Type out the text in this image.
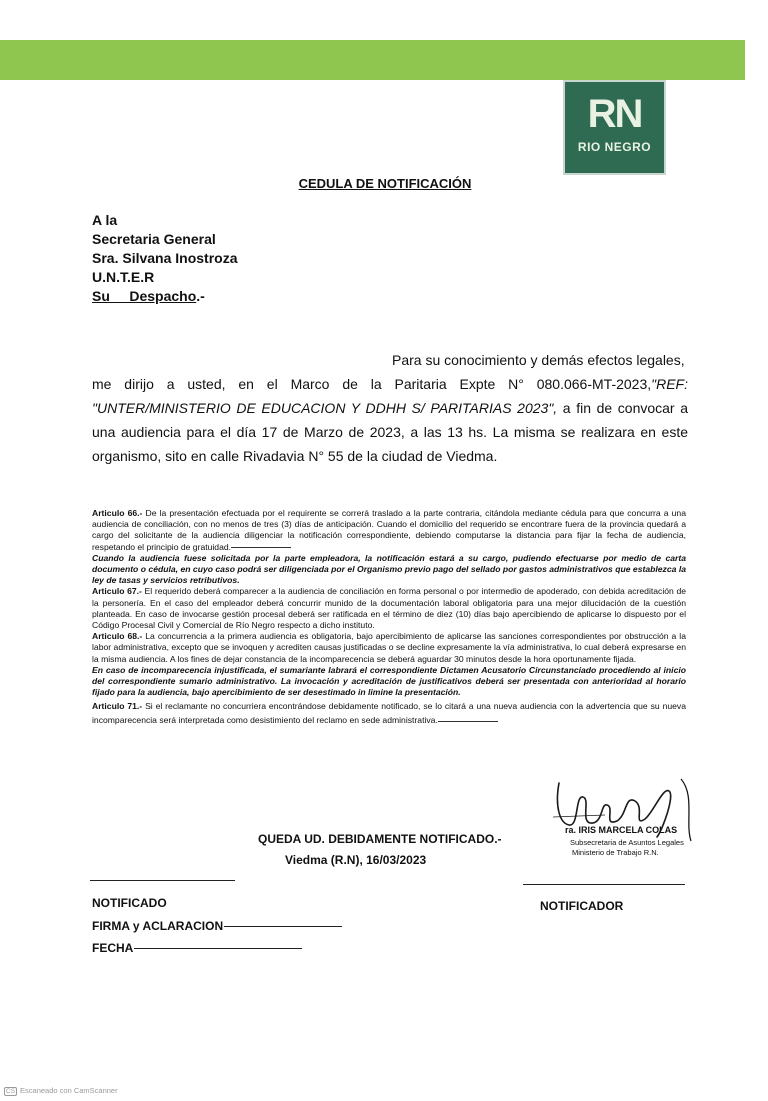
RN
RIO NEGRO
CEDULA DE NOTIFICACIÓN
A la
Secretaria General
Sra. Silvana Inostroza
U.N.T.E.R
Su     Despacho.-

Para su conocimiento y demás efectos legales,

me dirijo a usted, en el Marco de la Paritaria Expte N° 080.066-MT-2023,"REF: "UNTER/MINISTERIO DE EDUCACION Y DDHH S/ PARITARIAS 2023", a fin de convocar a una audiencia para el día 17 de Marzo de 2023, a las 13 hs. La misma se realizara en este organismo, sito en calle Rivadavia N° 55 de la ciudad de Viedma.

Articulo 66.- De la presentación efectuada por el requirente se correrá traslado a la parte contraria, citándola mediante cédula para que concurra a una audiencia de conciliación, con no menos de tres (3) días de anticipación. Cuando el domicilio del requerido se encontrare fuera de la provincia quedará a cargo del solicitante de la audiencia diligenciar la notificación correspondiente, debiendo computarse la distancia para fijar la fecha de audiencia, respetando el principio de gratuidad.

Cuando la audiencia fuese solicitada por la parte empleadora, la notificación estará a su cargo, pudiendo efectuarse por medio de carta documento o cédula, en cuyo caso podrá ser diligenciada por el Organismo previo pago del sellado por gastos administrativos que establezca la ley de tasas y servicios retributivos.

Articulo 67.- El requerido deberá comparecer a la audiencia de conciliación en forma personal o por intermedio de apoderado, con debida acreditación de la personería. En el caso del empleador deberá concurrir munido de la documentación laboral obligatoria para una mejor dilucidación de la cuestión planteada. En caso de invocarse gestión procesal deberá ser ratificada en el término de diez (10) días bajo apercibiendo de aplicarse lo dispuesto por el Código Procesal Civil y Comercial de Río Negro respecto a dicho instituto.

Articulo 68.- La concurrencia a la primera audiencia es obligatoria, bajo apercibimiento de aplicarse las sanciones correspondientes por obstrucción a la labor administrativa, excepto que se invoquen y acrediten causas justificadas o se decline expresamente la vía administrativa, lo cual deberá expresarse en la misma audiencia. A los fines de dejar constancia de la incomparecencia se deberá aguardar 30 minutos desde la hora oportunamente fijada.

En caso de incomparecencia injustificada, el sumariante labrará el correspondiente Dictamen Acusatorio Circunstanciado procediendo al inicio del correspondiente sumario administrativo. La invocación y acreditación de justificativos deberá ser presentada con anterioridad al horario fijado para la audiencia, bajo apercibimiento de ser desestimado in limine la presentación.

Articulo 71.- Si el reclamante no concurriera encontrándose debidamente notificado, se lo citará a una nueva audiencia con la advertencia que su nueva incomparecencia será interpretada como desistimiento del reclamo en sede administrativa.

ra. IRIS MARCELA COLAS
Subsecretaria de Asuntos Legales
Ministerio de Trabajo R.N.
QUEDA UD. DEBIDAMENTE NOTIFICADO.-
Viedma (R.N), 16/03/2023
NOTIFICADO
FIRMA y ACLARACION
FECHA
NOTIFICADOR
CS Escaneado con CamScanner
